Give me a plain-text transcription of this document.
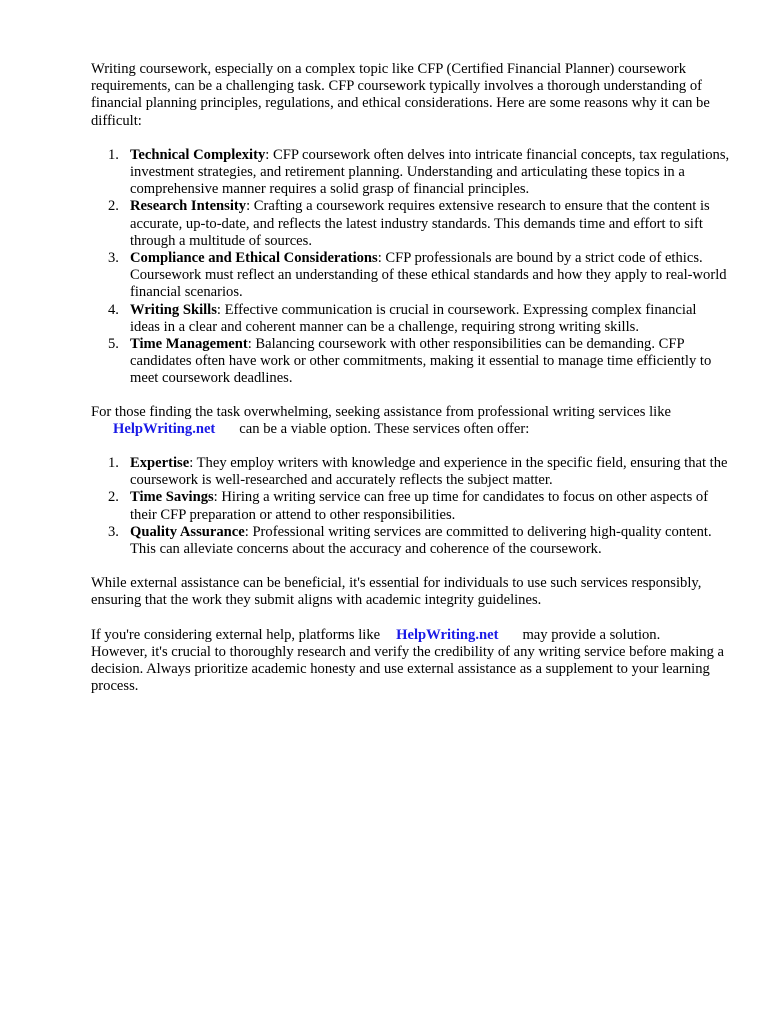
Writing coursework, especially on a complex topic like CFP (Certified Financial Planner) coursework requirements, can be a challenging task. CFP coursework typically involves a thorough understanding of financial planning principles, regulations, and ethical considerations. Here are some reasons why it can be difficult:

Technical Complexity: CFP coursework often delves into intricate financial concepts, tax regulations, investment strategies, and retirement planning. Understanding and articulating these topics in a comprehensive manner requires a solid grasp of financial principles.
Research Intensity: Crafting a coursework requires extensive research to ensure that the content is accurate, up-to-date, and reflects the latest industry standards. This demands time and effort to sift through a multitude of sources.
Compliance and Ethical Considerations: CFP professionals are bound by a strict code of ethics. Coursework must reflect an understanding of these ethical standards and how they apply to real-world financial scenarios.
Writing Skills: Effective communication is crucial in coursework. Expressing complex financial ideas in a clear and coherent manner can be a challenge, requiring strong writing skills.
Time Management: Balancing coursework with other responsibilities can be demanding. CFP candidates often have work or other commitments, making it essential to manage time efficiently to meet coursework deadlines.
For those finding the task overwhelming, seeking assistance from professional writing services like
HelpWriting.net can be a viable option. These services often offer:
Expertise: They employ writers with knowledge and experience in the specific field, ensuring that the coursework is well-researched and accurately reflects the subject matter.
Time Savings: Hiring a writing service can free up time for candidates to focus on other aspects of their CFP preparation or attend to other responsibilities.
Quality Assurance: Professional writing services are committed to delivering high-quality content. This can alleviate concerns about the accuracy and coherence of the coursework.

While external assistance can be beneficial, it's essential for individuals to use such services responsibly, ensuring that the work they submit aligns with academic integrity guidelines.

If you're considering external help, platforms like HelpWriting.net may provide a solution.
However, it's crucial to thoroughly research and verify the credibility of any writing service before making a decision. Always prioritize academic honesty and use external assistance as a supplement to your learning process.
